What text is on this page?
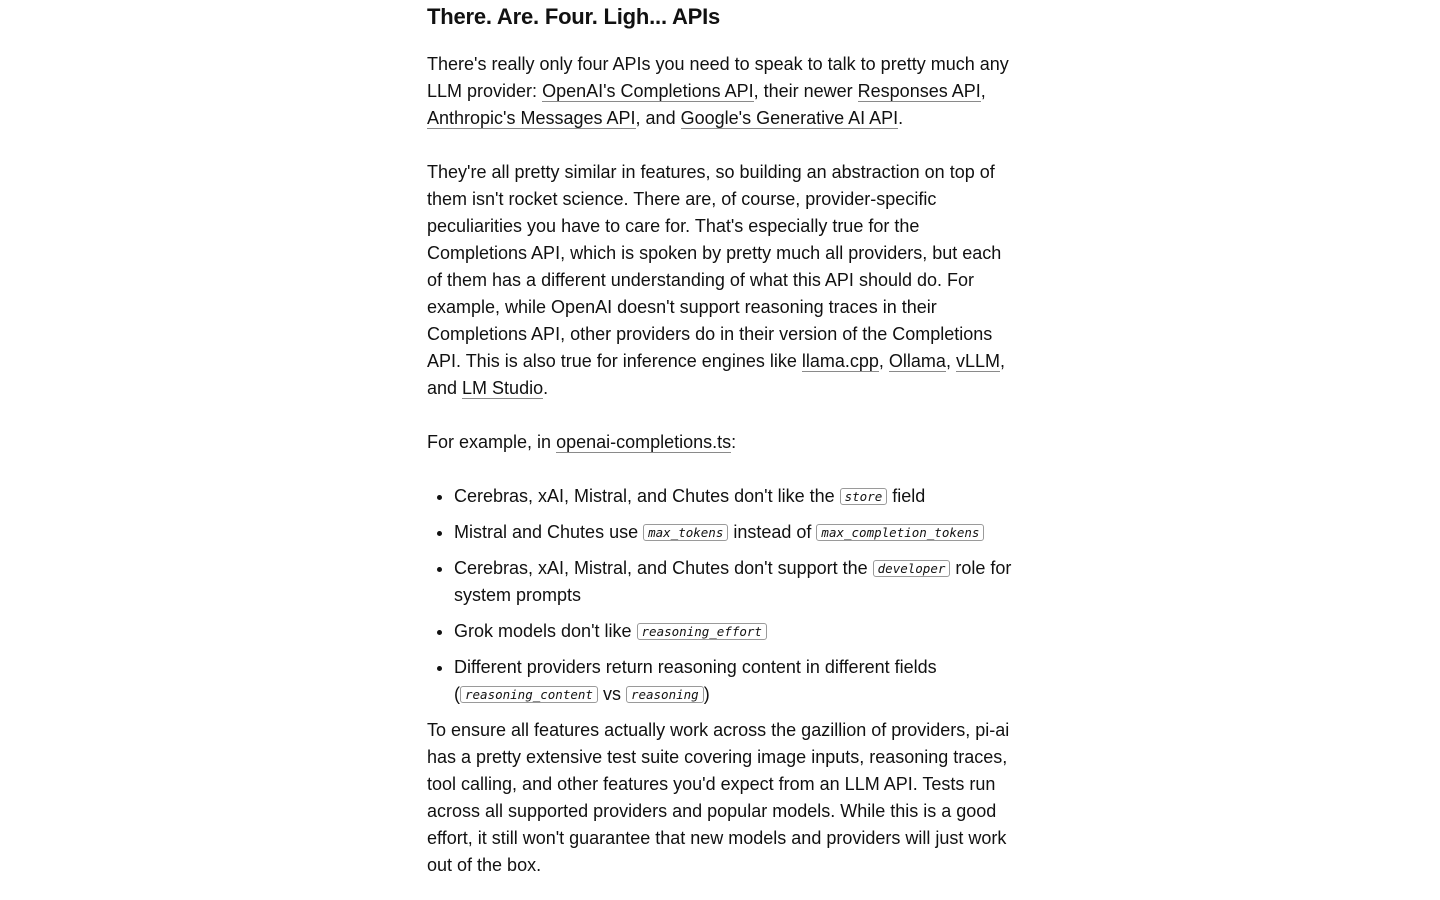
There. Are. Four. Ligh... APIs

There's really only four APIs you need to speak to talk to pretty much any LLM provider: OpenAI's Completions API, their newer Responses API, Anthropic's Messages API, and Google's Generative AI API.

They're all pretty similar in features, so building an abstraction on top of them isn't rocket science. There are, of course, provider-specific peculiarities you have to care for. That's especially true for the Completions API, which is spoken by pretty much all providers, but each of them has a different understanding of what this API should do. For example, while OpenAI doesn't support reasoning traces in their Completions API, other providers do in their version of the Completions API. This is also true for inference engines like llama.cpp, Ollama, vLLM, and LM Studio.

For example, in openai-completions.ts:

• Cerebras, xAI, Mistral, and Chutes don't like the store field
• Mistral and Chutes use max_tokens instead of max_completion_tokens
• Cerebras, xAI, Mistral, and Chutes don't support the developer role for system prompts
• Grok models don't like reasoning_effort
• Different providers return reasoning content in different fields ( reasoning_content vs reasoning )

To ensure all features actually work across the gazillion of providers, pi-ai has a pretty extensive test suite covering image inputs, reasoning traces, tool calling, and other features you'd expect from an LLM API. Tests run across all supported providers and popular models. While this is a good effort, it still won't guarantee that new models and providers will just work out of the box.
